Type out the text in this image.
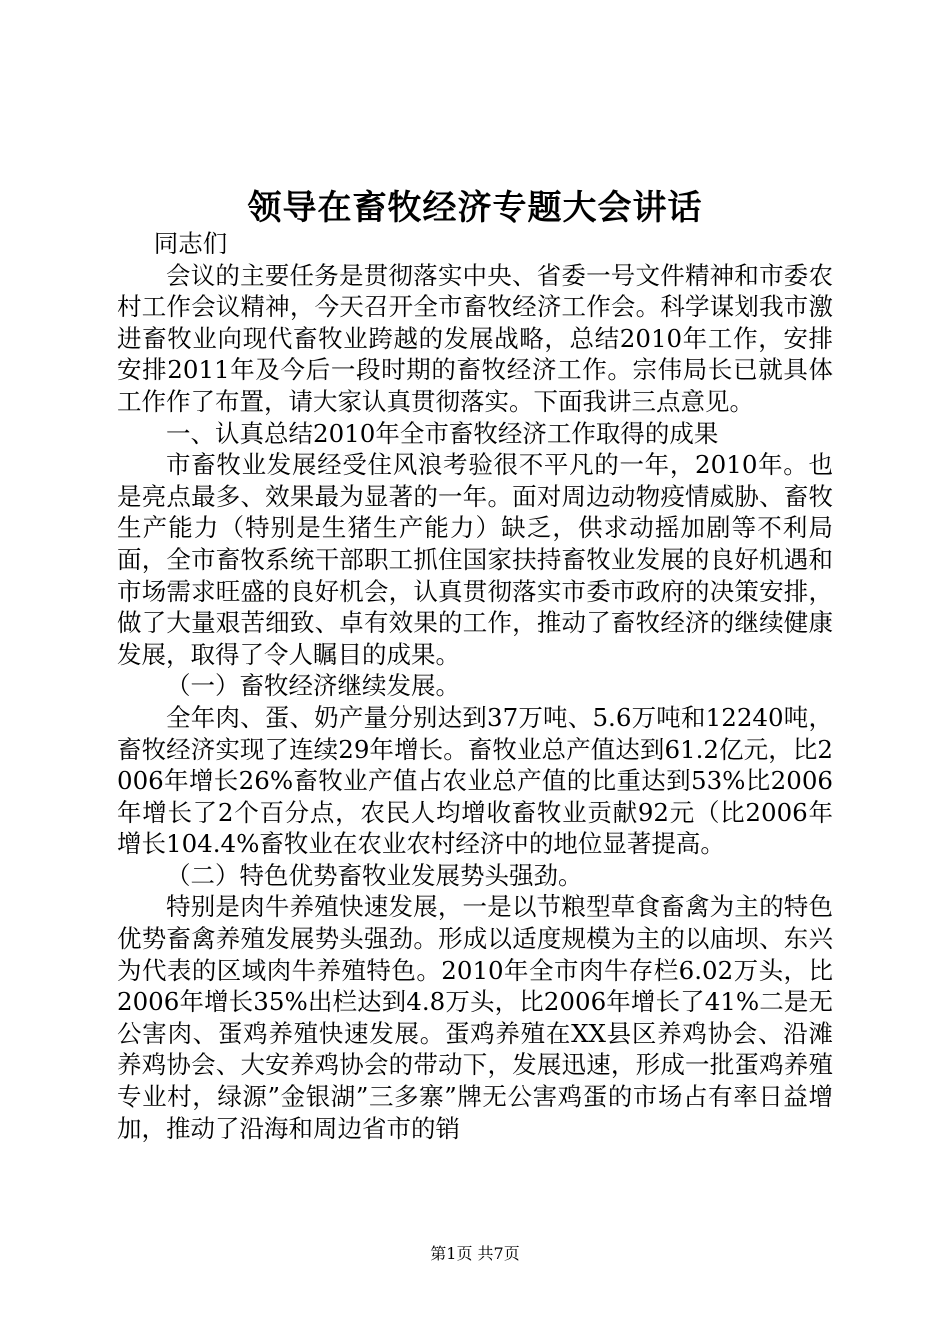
领导在畜牧经济专题大会讲话

同志们

会议的主要任务是贯彻落实中央、省委一号文件精神和市委农村工作会议精神，今天召开全市畜牧经济工作会。科学谋划我市激进畜牧业向现代畜牧业跨越的发展战略，总结2010年工作，安排安排2011年及今后一段时期的畜牧经济工作。宗伟局长已就具体工作作了布置，请大家认真贯彻落实。下面我讲三点意见。

一、认真总结2010年全市畜牧经济工作取得的成果

市畜牧业发展经受住风浪考验很不平凡的一年，2010年。也是亮点最多、效果最为显著的一年。面对周边动物疫情威胁、畜牧生产能力（特别是生猪生产能力）缺乏，供求动摇加剧等不利局面，全市畜牧系统干部职工抓住国家扶持畜牧业发展的良好机遇和市场需求旺盛的良好机会，认真贯彻落实市委市政府的决策安排，做了大量艰苦细致、卓有效果的工作，推动了畜牧经济的继续健康发展，取得了令人瞩目的成果。

（一）畜牧经济继续发展。

全年肉、蛋、奶产量分别达到37万吨、5.6万吨和12240吨，畜牧经济实现了连续29年增长。畜牧业总产值达到61.2亿元，比2006年增长26%畜牧业产值占农业总产值的比重达到53%比2006年增长了2个百分点，农民人均增收畜牧业贡献92元（比2006年增长104.4%畜牧业在农业农村经济中的地位显著提高。

（二）特色优势畜牧业发展势头强劲。

特别是肉牛养殖快速发展，一是以节粮型草食畜禽为主的特色优势畜禽养殖发展势头强劲。形成以适度规模为主的以庙坝、东兴为代表的区域肉牛养殖特色。2010年全市肉牛存栏6.02万头，比2006年增长35%出栏达到4.8万头，比2006年增长了41%二是无公害肉、蛋鸡养殖快速发展。蛋鸡养殖在XX县区养鸡协会、沿滩养鸡协会、大安养鸡协会的带动下，发展迅速，形成一批蛋鸡养殖专业村，绿源”金银湖”三多寨”牌无公害鸡蛋的市场占有率日益增加，推动了沿海和周边省市的销

第1页 共7页
